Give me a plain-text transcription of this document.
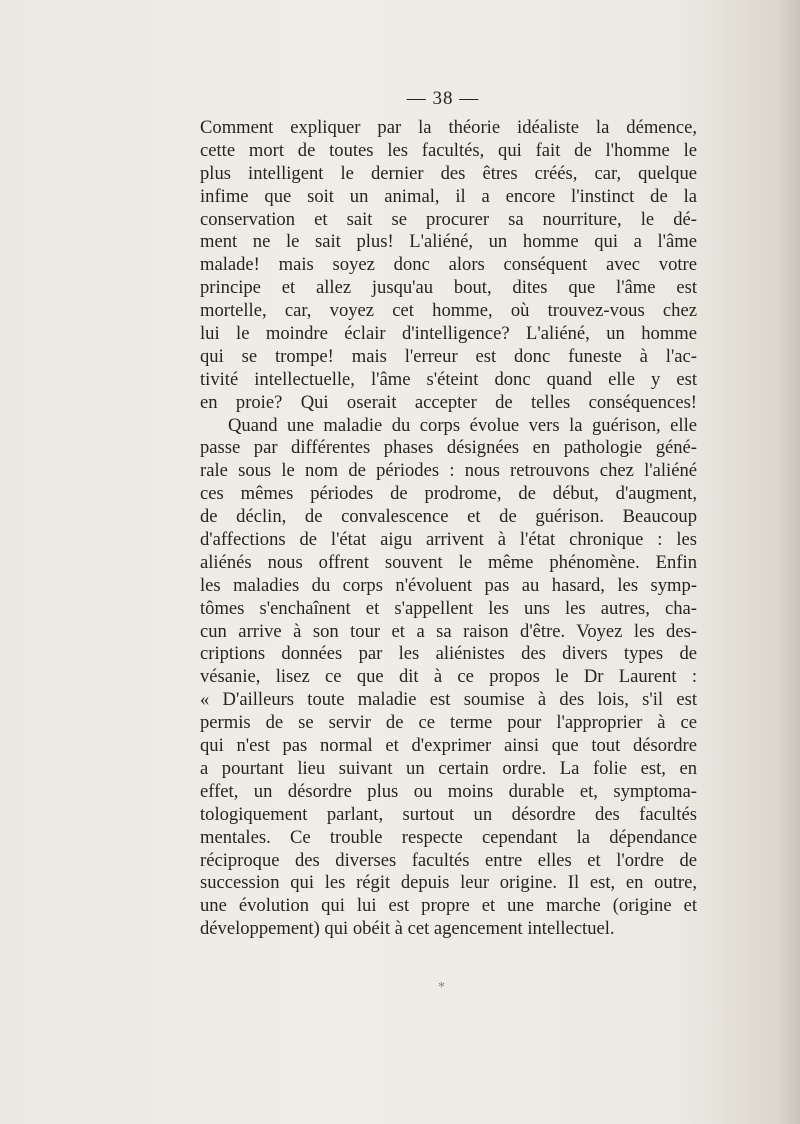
— 38 —
Comment expliquer par la théorie idéaliste la démence,
cette mort de toutes les facultés, qui fait de l'homme le
plus intelligent le dernier des êtres créés, car, quelque
infime que soit un animal, il a encore l'instinct de la
conservation et sait se procurer sa nourriture, le dé-
ment ne le sait plus! L'aliéné, un homme qui a l'âme
malade! mais soyez donc alors conséquent avec votre
principe et allez jusqu'au bout, dites que l'âme est
mortelle, car, voyez cet homme, où trouvez-vous chez
lui le moindre éclair d'intelligence? L'aliéné, un homme
qui se trompe! mais l'erreur est donc funeste à l'ac-
tivité intellectuelle, l'âme s'éteint donc quand elle y est
en proie? Qui oserait accepter de telles conséquences!
Quand une maladie du corps évolue vers la guérison, elle
passe par différentes phases désignées en pathologie géné-
rale sous le nom de périodes : nous retrouvons chez l'aliéné
ces mêmes périodes de prodrome, de début, d'augment,
de déclin, de convalescence et de guérison. Beaucoup
d'affections de l'état aigu arrivent à l'état chronique : les
aliénés nous offrent souvent le même phénomène. Enfin
les maladies du corps n'évoluent pas au hasard, les symp-
tômes s'enchaînent et s'appellent les uns les autres, cha-
cun arrive à son tour et a sa raison d'être. Voyez les des-
criptions données par les aliénistes des divers types de
vésanie, lisez ce que dit à ce propos le Dr Laurent :
« D'ailleurs toute maladie est soumise à des lois, s'il est
permis de se servir de ce terme pour l'approprier à ce
qui n'est pas normal et d'exprimer ainsi que tout désordre
a pourtant lieu suivant un certain ordre. La folie est, en
effet, un désordre plus ou moins durable et, symptoma-
tologiquement parlant, surtout un désordre des facultés
mentales. Ce trouble respecte cependant la dépendance
réciproque des diverses facultés entre elles et l'ordre de
succession qui les régit depuis leur origine. Il est, en outre,
une évolution qui lui est propre et une marche (origine et
développement) qui obéit à cet agencement intellectuel.
*
